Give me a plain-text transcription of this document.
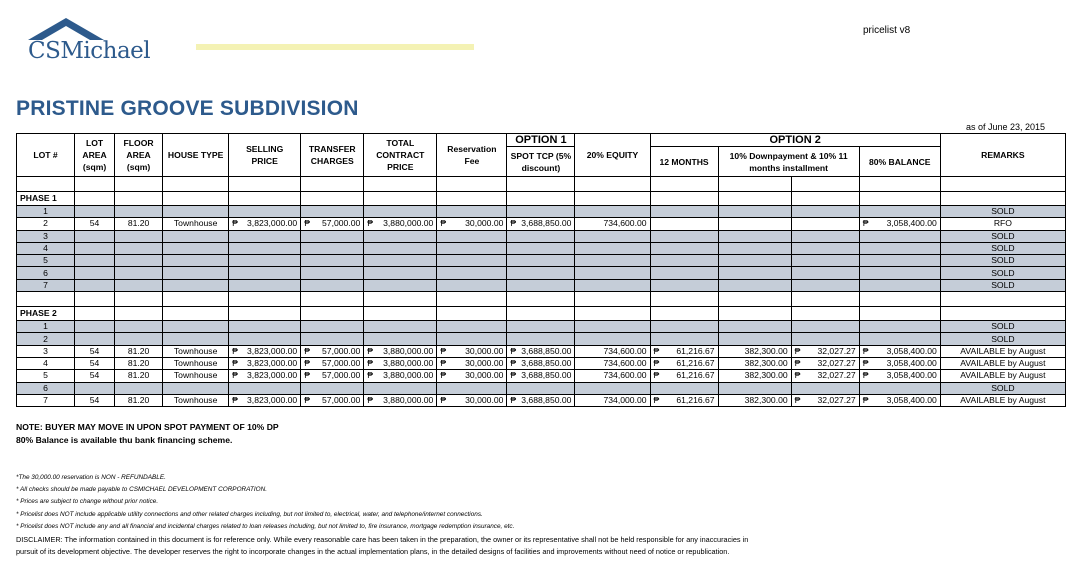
CSMichael
pricelist v8
PRISTINE GROOVE SUBDIVISION
as of June 23, 2015
LOT #	LOT AREA (sqm)	FLOOR AREA (sqm)	HOUSE TYPE	SELLING PRICE	TRANSFER CHARGES	TOTAL CONTRACT PRICE	Reservation Fee	OPTION 1	20% EQUITY	OPTION 2				REMARKS
								SPOT TCP (5% discount)		12 MONTHS	10% Downpayment & 10% 11 months installment		80% BALANCE	

PHASE 1														
1														SOLD
2	54	81.20	Townhouse	₱ 3,823,000.00	₱ 57,000.00	₱ 3,880,000.00	₱ 30,000.00	₱ 3,688,850.00	734,600.00				₱ 3,058,400.00	RFO
3														SOLD
4														SOLD
5														SOLD
6														SOLD
7														SOLD

PHASE 2														
1														SOLD
2														SOLD
3	54	81.20	Townhouse	₱ 3,823,000.00	₱ 57,000.00	₱ 3,880,000.00	₱ 30,000.00	₱ 3,688,850.00	734,600.00	₱ 61,216.67	382,300.00	₱ 32,027.27	₱ 3,058,400.00	AVAILABLE by August
4	54	81.20	Townhouse	₱ 3,823,000.00	₱ 57,000.00	₱ 3,880,000.00	₱ 30,000.00	₱ 3,688,850.00	734,600.00	₱ 61,216.67	382,300.00	₱ 32,027.27	₱ 3,058,400.00	AVAILABLE by August
5	54	81.20	Townhouse	₱ 3,823,000.00	₱ 57,000.00	₱ 3,880,000.00	₱ 30,000.00	₱ 3,688,850.00	734,600.00	₱ 61,216.67	382,300.00	₱ 32,027.27	₱ 3,058,400.00	AVAILABLE by August
6														SOLD
7	54	81.20	Townhouse	₱ 3,823,000.00	₱ 57,000.00	₱ 3,880,000.00	₱ 30,000.00	₱ 3,688,850.00	734,000.00	₱ 61,216.67	382,300.00	₱ 32,027.27	₱ 3,058,400.00	AVAILABLE by August
NOTE: BUYER MAY MOVE IN UPON SPOT PAYMENT OF 10% DP
80% Balance is available thu bank financing scheme.
*The 30,000.00 reservation is NON - REFUNDABLE.
* All checks should be made payable to CSMICHAEL DEVELOPMENT CORPORATION.
* Prices are subject to change without prior notice.
* Pricelist does NOT include applicable utility connections and other related charges including, but not limited to, electrical, water, and telephone/internet connections.
* Pricelist does NOT include any and all financial and incidental charges related to loan releases including, but not limited to, fire insurance, mortgage redemption insurance, etc.
DISCLAIMER: The information contained in this document is for reference only. While every reasonable care has been taken in the preparation, the owner or its representative shall not be held responsible for any inaccuracies in
pursuit of its development objective. The developer reserves the right to incorporate changes in the actual implementation plans, in the detailed designs of facilities and improvements without need of notice or republication.
